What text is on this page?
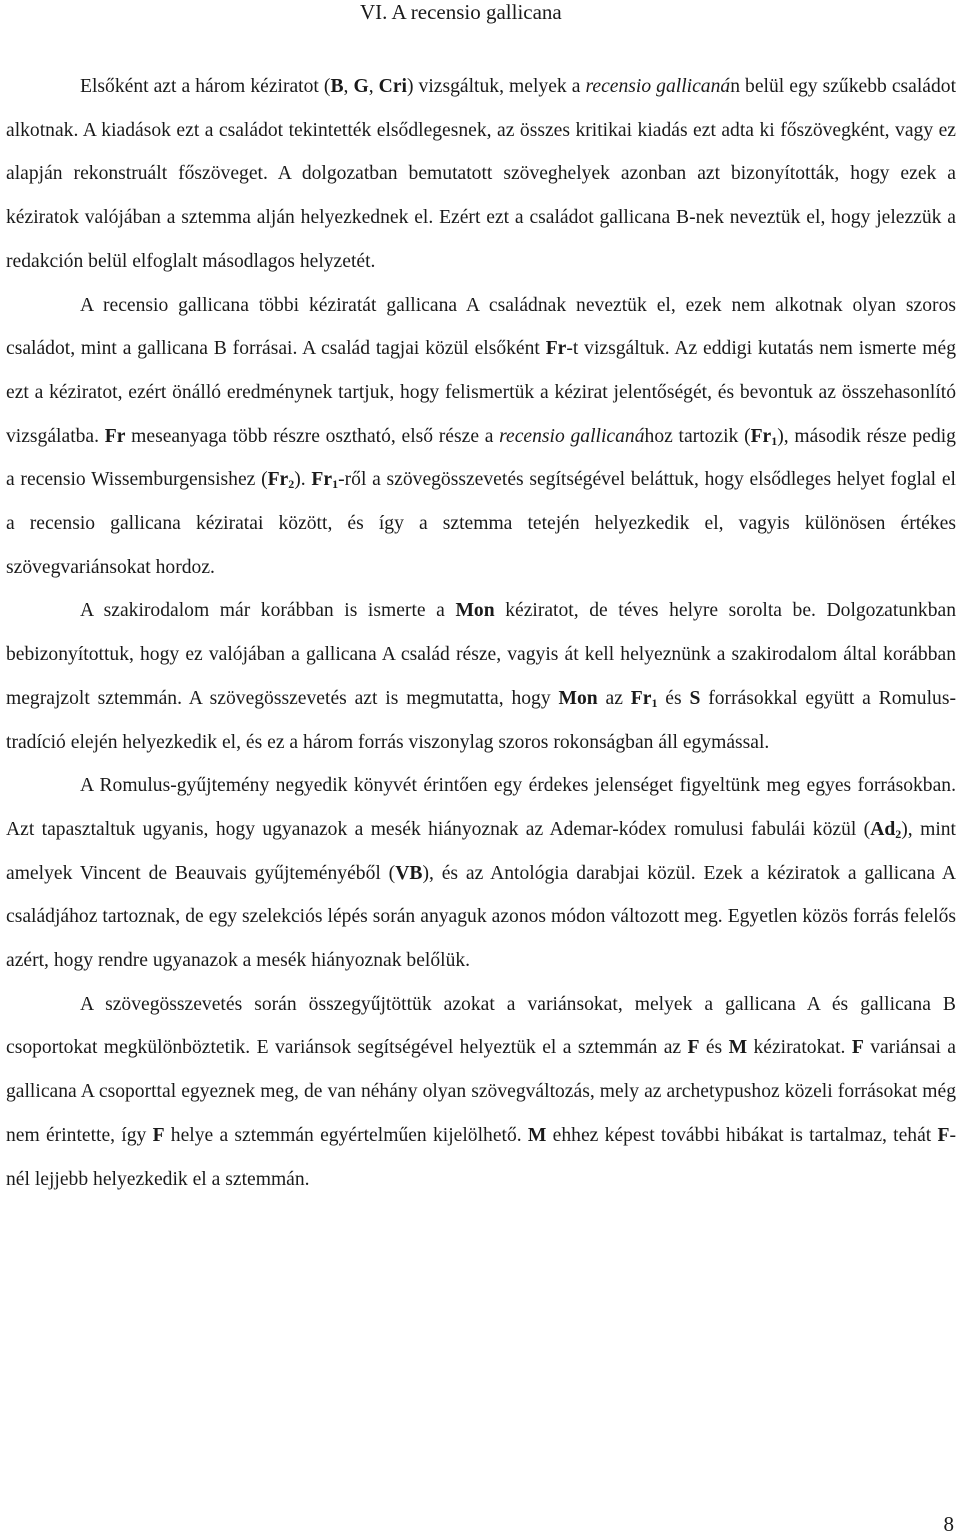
VI. A recensio gallicana

Elsőként azt a három kéziratot (B, G, Cri) vizsgáltuk, melyek a recensio gallicanán belül egy szűkebb családot alkotnak. A kiadások ezt a családot tekintették elsődlegesnek, az összes kritikai kiadás ezt adta ki főszövegként, vagy ez alapján rekonstruált főszöveget. A dolgozatban bemutatott szöveghelyek azonban azt bizonyították, hogy ezek a kéziratok valójában a sztemma alján helyezkednek el. Ezért ezt a családot gallicana B-nek neveztük el, hogy jelezzük a redakción belül elfoglalt másodlagos helyzetét.

A recensio gallicana többi kéziratát gallicana A családnak neveztük el, ezek nem alkotnak olyan szoros családot, mint a gallicana B forrásai. A család tagjai közül elsőként Fr-t vizsgáltuk. Az eddigi kutatás nem ismerte még ezt a kéziratot, ezért önálló eredménynek tartjuk, hogy felismertük a kézirat jelentőségét, és bevontuk az összehasonlító vizsgálatba. Fr meseanyaga több részre osztható, első része a recensio gallicanához tartozik $(Fr_1)$, második része pedig a recensio Wissemburgensishez $(Fr_2)$. $Fr_1$-ről a szövegösszevetés segítségével beláttuk, hogy elsődleges helyet foglal el a recensio gallicana kéziratai között, és így a sztemma tetején helyezkedik el, vagyis különösen értékes szövegvariánsokat hordoz.

A szakirodalom már korábban is ismerte a Mon kéziratot, de téves helyre sorolta be. Dolgozatunkban bebizonyítottuk, hogy ez valójában a gallicana A család része, vagyis át kell helyeznünk a szakirodalom által korábban megrajzolt sztemmán. A szövegösszevetés azt is megmutatta, hogy Mon az $Fr_1$ és S forrásokkal együtt a Romulus-tradíció elején helyezkedik el, és ez a három forrás viszonylag szoros rokonságban áll egymással.

A Romulus-gyűjtemény negyedik könyvét érintően egy érdekes jelenséget figyeltünk meg egyes forrásokban. Azt tapasztaltuk ugyanis, hogy ugyanazok a mesék hiányoznak az Ademar-kódex romulusi fabulái közül $(Ad_2)$, mint amelyek Vincent de Beauvais gyűjteményéből (VB), és az Antológia darabjai közül. Ezek a kéziratok a gallicana A családjához tartoznak, de egy szelekciós lépés során anyaguk azonos módon változott meg. Egyetlen közös forrás felelős azért, hogy rendre ugyanazok a mesék hiányoznak belőlük.

A szövegösszevetés során összegyűjtöttük azokat a variánsokat, melyek a gallicana A és gallicana B csoportokat megkülönböztetik. E variánsok segítségével helyeztük el a sztemmán az F és M kéziratokat. F variánsai a gallicana A csoporttal egyeznek meg, de van néhány olyan szövegváltozás, mely az archetypushoz közeli forrásokat még nem érintette, így F helye a sztemmán egyértelműen kijelölhető. M ehhez képest további hibákat is tartalmaz, tehát F-nél lejjebb helyezkedik el a sztemmán.

8
